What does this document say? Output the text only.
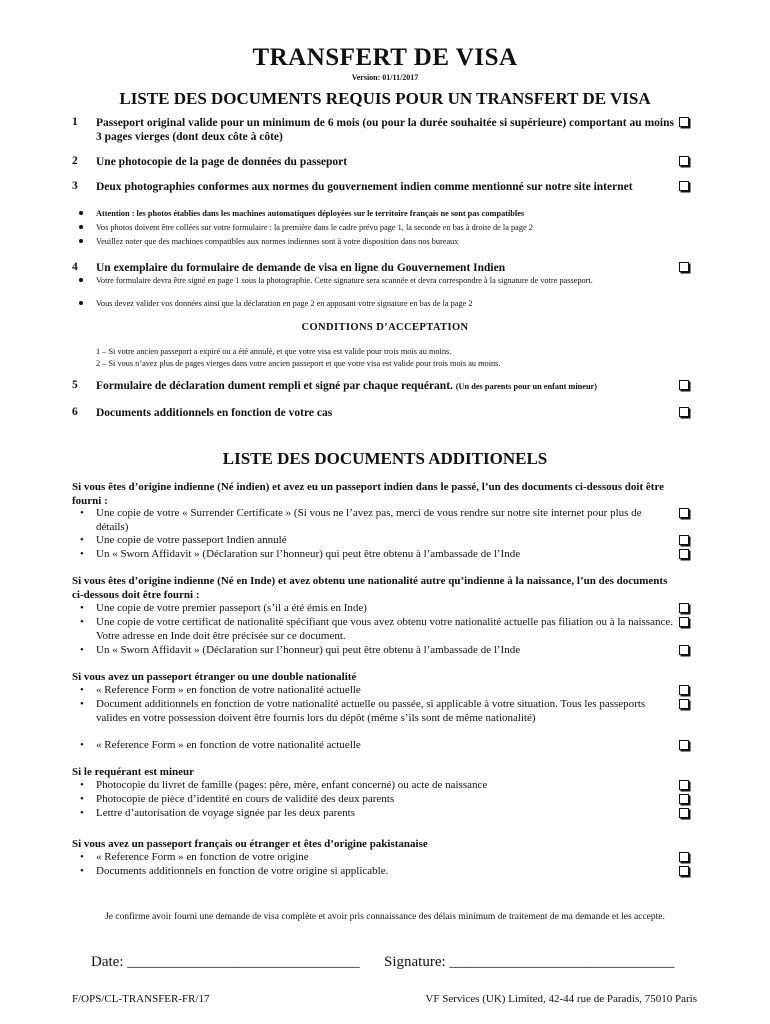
TRANSFERT DE VISA
Version: 01/11/2017
LISTE DES DOCUMENTS REQUIS POUR UN TRANSFERT DE VISA
1 Passeport original valide pour un minimum de 6 mois (ou pour la durée souhaitée si supérieure) comportant au moins 3 pages vierges (dont deux côte à côte)
2 Une photocopie de la page de données du passeport
3 Deux photographies conformes aux normes du gouvernement indien comme mentionné sur notre site internet
Attention : les photos établies dans les machines automatiques déployées sur le territoire français ne sont pas compatibles
Vos photos doivent être collées sur votre formulaire : la première dans le cadre prévu page 1, la seconde en bas à droite de la page 2
Veuillez noter que des machines compatibles aux normes indiennes sont à votre disposition dans nos bureaux
4 Un exemplaire du formulaire de demande de visa en ligne du Gouvernement Indien
Votre formulaire devra être signé en page 1 sous la photographie. Cette signature sera scannée et devra correspondre à la signature de votre passeport.
Vous devez valider vos données ainsi que la déclaration en page 2 en apposant votre signature en bas de la page 2
CONDITIONS D’ACCEPTATION
1 – Si votre ancien passeport a expiré ou a été annulé, et que votre visa est valide pour trois mois au moins.
2 – Si vous n’avez plus de pages vierges dans votre ancien passeport et que votre visa est valide pour trois mois au moins.
5 Formulaire de déclaration dument rempli et signé par chaque requérant. (Un des parents pour un enfant mineur)
6 Documents additionnels en fonction de votre cas
LISTE DES DOCUMENTS ADDITIONELS
Si vous êtes d’origine indienne (Né indien) et avez eu un passeport indien dans le passé, l’un des documents ci-dessous doit être fourni :
• Une copie de votre « Surrender Certificate » (Si vous ne l’avez pas, merci de vous rendre sur notre site internet pour plus de détails)
• Une copie de votre passeport Indien annulé
• Un « Sworn Affidavit » (Déclaration sur l’honneur) qui peut être obtenu à l’ambassade de l’Inde
Si vous êtes d’origine indienne (Né en Inde) et avez obtenu une nationalité autre qu’indienne à la naissance, l’un des documents ci-dessous doit être fourni :
• Une copie de votre premier passeport (s’il a été émis en Inde)
• Une copie de votre certificat de nationalité spécifiant que vous avez obtenu votre nationalité actuelle pas filiation ou à la naissance. Votre adresse en Inde doit être précisée sur ce document.
• Un « Sworn Affidavit » (Déclaration sur l’honneur) qui peut être obtenu à l’ambassade de l’Inde
Si vous avez un passeport étranger ou une double nationalité
• « Reference Form » en fonction de votre nationalité actuelle
• Document additionnels en fonction de votre nationalité actuelle ou passée, si applicable à votre situation. Tous les passeports valides en votre possession doivent être fournis lors du dépôt (même s’ils sont de même nationalité)
• « Reference Form » en fonction de votre nationalité actuelle
Si le requérant est mineur
• Photocopie du livret de famille (pages: père, mère, enfant concerné) ou acte de naissance
• Photocopie de pièce d’identité en cours de validité des deux parents
• Lettre d’autorisation de voyage signée par les deux parents
Si vous avez un passeport français ou étranger et êtes d’origine pakistanaise
• « Reference Form » en fonction de votre origine
• Documents additionnels en fonction de votre origine si applicable.
Je confirme avoir fourni une demande de visa complète et avoir pris connaissance des délais minimum de traitement de ma demande et les accepte.
Date: _______________________________ Signature: ______________________________
F/OPS/CL-TRANSFER-FR/17	VF Services (UK) Limited, 42-44 rue de Paradis, 75010 Paris
